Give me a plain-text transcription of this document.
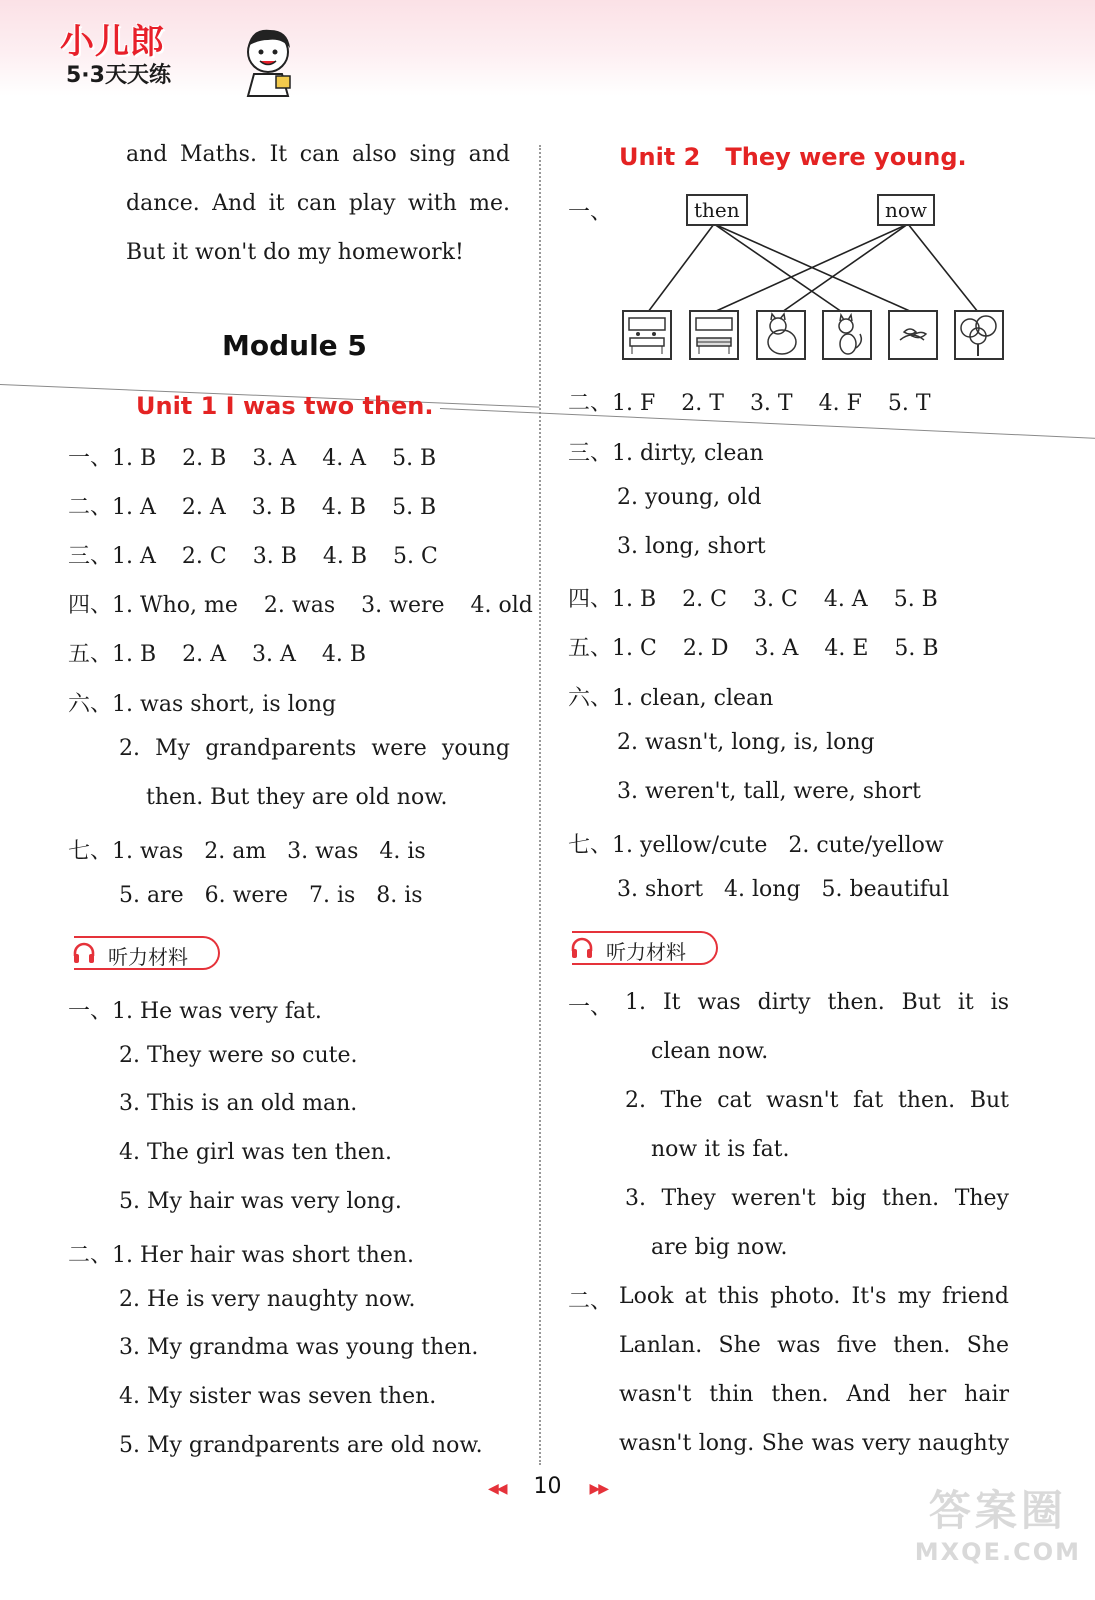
小儿郎
5·3天天练
and Maths. It can also sing and
dance. And it can play with me.
But it won't do my homework!
Module 5
Unit 1 I was two then.
一、1. B 2. B 3. A 4. A 5. B
二、1. A 2. A 3. B 4. B 5. B
三、1. A 2. C 3. B 4. B 5. C
四、1. Who, me 2. was 3. were 4. old
五、1. B 2. A 3. A 4. B
六、1. was short, is long
2. My grandparents were young
then. But they are old now.
七、1. was   2. am   3. was   4. is
5. are   6. were   7. is   8. is
听力材料
一、1. He was very fat.
2. They were so cute.
3. This is an old man.
4. The girl was ten then.
5. My hair was very long.
二、1. Her hair was short then.
2. He is very naughty now.
3. My grandma was young then.
4. My sister was seven then.
5. My grandparents are old now.
Unit 2   They were young.
一、	then	now
二、1. F 2. T 3. T 4. F 5. T
三、1. dirty, clean
2. young, old
3. long, short
四、1. B 2. C 3. C 4. A 5. B
五、1. C 2. D 3. A 4. E 5. B
六、1. clean, clean
2. wasn't, long, is, long
3. weren't, tall, were, short
七、1. yellow/cute   2. cute/yellow
3. short   4. long   5. beautiful
听力材料
一、 1. It was dirty then. But it is
clean now.
2. The cat wasn't fat then. But
now it is fat.
3. They weren't big then. They
are big now.
二、 Look at this photo. It's my friend
Lanlan. She was five then. She
wasn't thin then. And her hair
wasn't long. She was very naughty
◀◀ 10 ▶▶	答案圈
MXQE.COM
